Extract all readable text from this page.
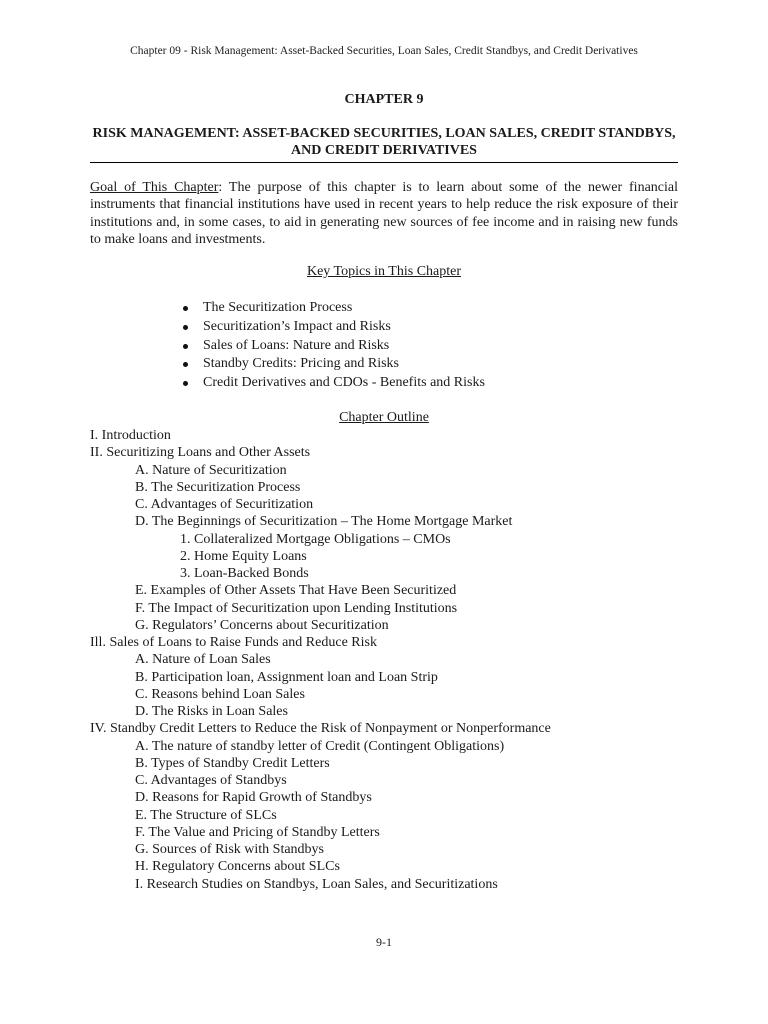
Chapter 09 - Risk Management: Asset-Backed Securities, Loan Sales, Credit Standbys, and Credit Derivatives
CHAPTER 9
RISK MANAGEMENT: ASSET-BACKED SECURITIES, LOAN SALES, CREDIT STANDBYS, AND CREDIT DERIVATIVES

Goal of This Chapter: The purpose of this chapter is to learn about some of the newer financial instruments that financial institutions have used in recent years to help reduce the risk exposure of their institutions and, in some cases, to aid in generating new sources of fee income and in raising new funds to make loans and investments.

Key Topics in This Chapter
The Securitization Process
Securitization’s Impact and Risks
Sales of Loans: Nature and Risks
Standby Credits: Pricing and Risks
Credit Derivatives and CDOs - Benefits and Risks
Chapter Outline
I. Introduction
II. Securitizing Loans and Other Assets
A. Nature of Securitization
B. The Securitization Process
C. Advantages of Securitization
D. The Beginnings of Securitization – The Home Mortgage Market
1. Collateralized Mortgage Obligations – CMOs
2. Home Equity Loans
3. Loan-Backed Bonds
E. Examples of Other Assets That Have Been Securitized
F. The Impact of Securitization upon Lending Institutions
G. Regulators’ Concerns about Securitization
Ill. Sales of Loans to Raise Funds and Reduce Risk
A. Nature of Loan Sales
B. Participation loan, Assignment loan and Loan Strip
C. Reasons behind Loan Sales
D. The Risks in Loan Sales
IV. Standby Credit Letters to Reduce the Risk of Nonpayment or Nonperformance
A. The nature of standby letter of Credit (Contingent Obligations)
B. Types of Standby Credit Letters
C. Advantages of Standbys
D. Reasons for Rapid Growth of Standbys
E. The Structure of SLCs
F. The Value and Pricing of Standby Letters
G. Sources of Risk with Standbys
H. Regulatory Concerns about SLCs
I. Research Studies on Standbys, Loan Sales, and Securitizations
9-1
